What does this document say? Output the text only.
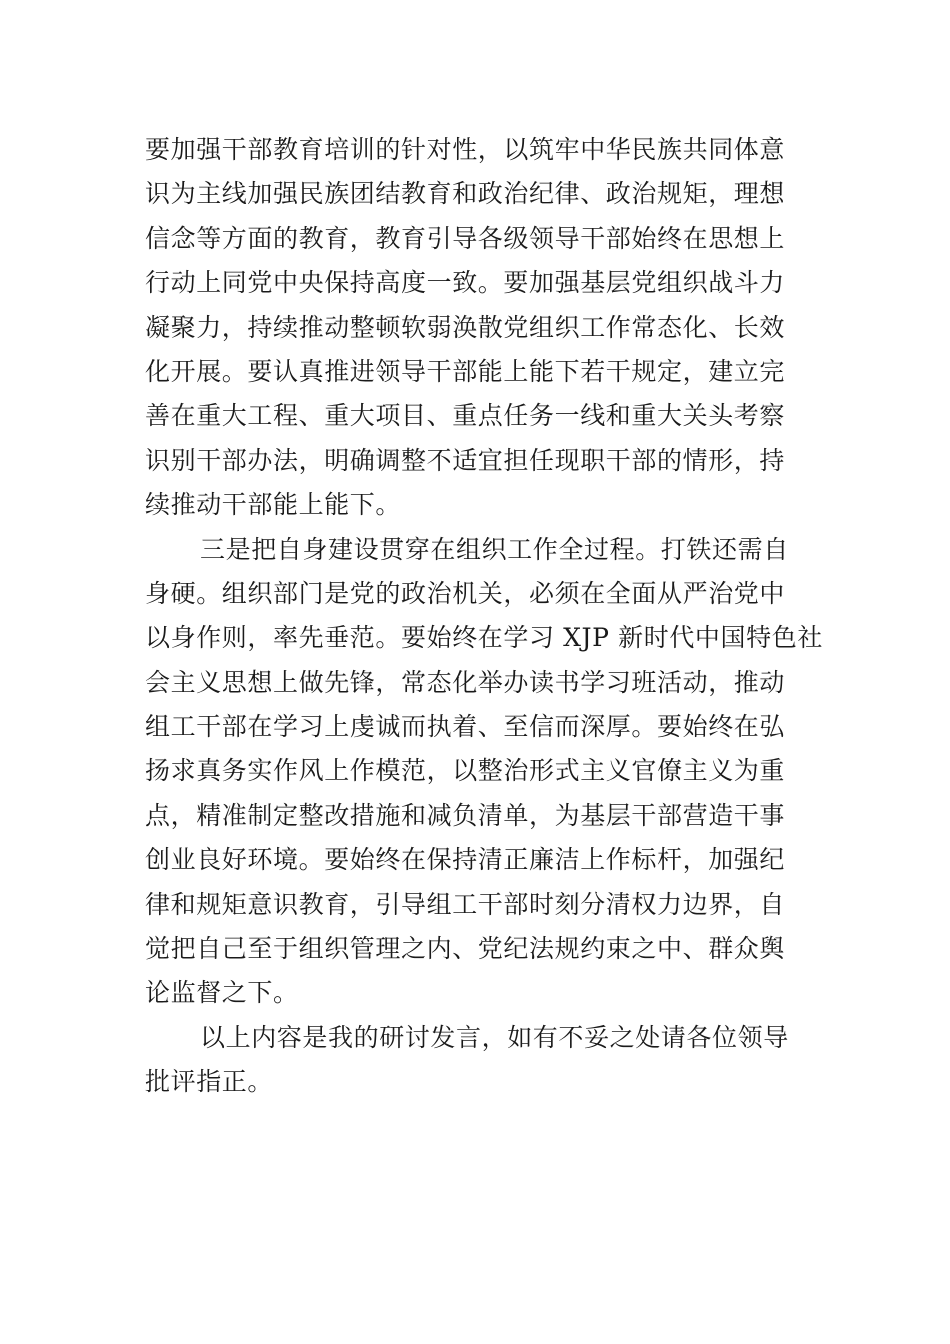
要加强干部教育培训的针对性，以筑牢中华民族共同体意
识为主线加强民族团结教育和政治纪律、政治规矩，理想
信念等方面的教育，教育引导各级领导干部始终在思想上
行动上同党中央保持高度一致。要加强基层党组织战斗力
凝聚力，持续推动整顿软弱涣散党组织工作常态化、长效
化开展。要认真推进领导干部能上能下若干规定，建立完
善在重大工程、重大项目、重点任务一线和重大关头考察
识别干部办法，明确调整不适宜担任现职干部的情形，持
续推动干部能上能下。
三是把自身建设贯穿在组织工作全过程。打铁还需自
身硬。组织部门是党的政治机关，必须在全面从严治党中
以身作则，率先垂范。要始终在学习 XJP 新时代中国特色社
会主义思想上做先锋，常态化举办读书学习班活动，推动
组工干部在学习上虔诚而执着、至信而深厚。要始终在弘
扬求真务实作风上作模范，以整治形式主义官僚主义为重
点，精准制定整改措施和减负清单，为基层干部营造干事
创业良好环境。要始终在保持清正廉洁上作标杆，加强纪
律和规矩意识教育，引导组工干部时刻分清权力边界，自
觉把自己至于组织管理之内、党纪法规约束之中、群众舆
论监督之下。
以上内容是我的研讨发言，如有不妥之处请各位领导
批评指正。
